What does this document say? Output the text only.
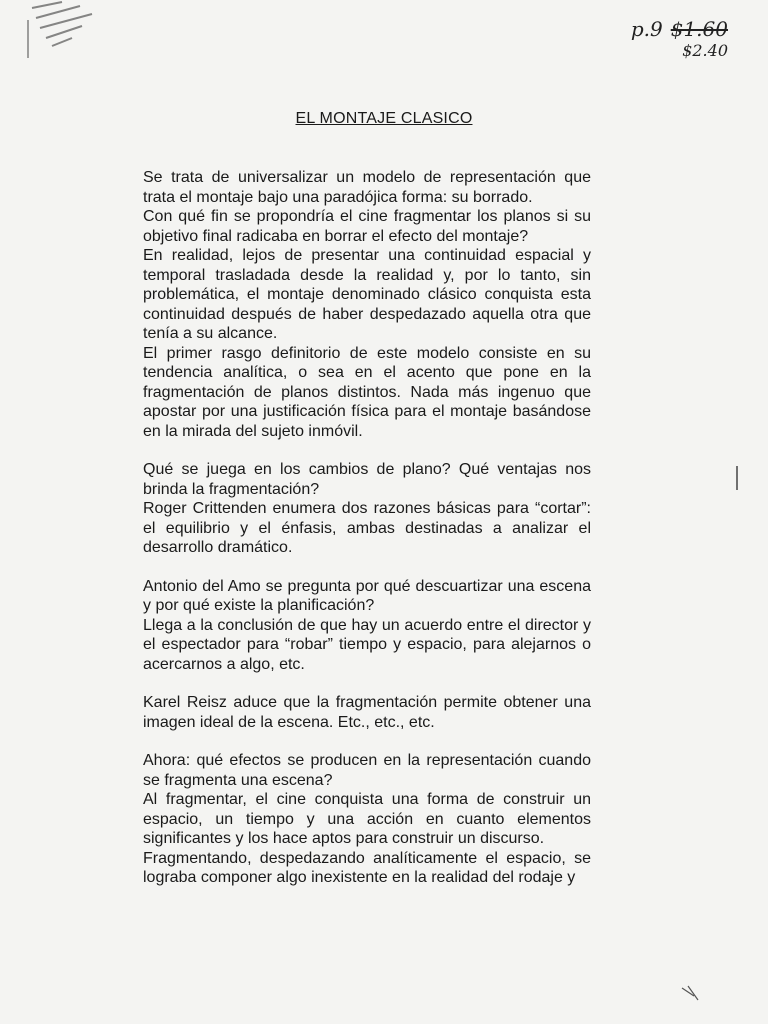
p.9 $1.60
$2.40
EL MONTAJE CLASICO

Se trata de universalizar un modelo de representación que trata el montaje bajo una paradójica forma: su borrado.

Con qué fin se propondría el cine fragmentar los planos si su objetivo final radicaba en borrar el efecto del montaje?

En realidad, lejos de presentar una continuidad espacial y temporal trasladada desde la realidad y, por lo tanto, sin problemática, el montaje denominado clásico conquista esta continuidad después de haber despedazado aquella otra que tenía a su alcance.

El primer rasgo definitorio de este modelo consiste en su tendencia analítica, o sea en el acento que pone en la fragmentación de planos distintos. Nada más ingenuo que apostar por una justificación física para el montaje basándose en la mirada del sujeto inmóvil.

Qué se juega en los cambios de plano? Qué ventajas nos brinda la fragmentación?

Roger Crittenden enumera dos razones básicas para “cortar”: el equilibrio y el énfasis, ambas destinadas a analizar el desarrollo dramático.

Antonio del Amo se pregunta por qué descuartizar una escena y por qué existe la planificación?

Llega a la conclusión de que hay un acuerdo entre el director y el espectador para “robar” tiempo y espacio, para alejarnos o acercarnos a algo, etc.

Karel Reisz aduce que la fragmentación permite obtener una imagen ideal de la escena. Etc., etc., etc.

Ahora: qué efectos se producen en la representación cuando se fragmenta una escena?

Al fragmentar, el cine conquista una forma de construir un espacio, un tiempo y una acción en cuanto elementos significantes y los hace aptos para construir un discurso.

Fragmentando, despedazando analíticamente el espacio, se lograba componer algo inexistente en la realidad del rodaje y
